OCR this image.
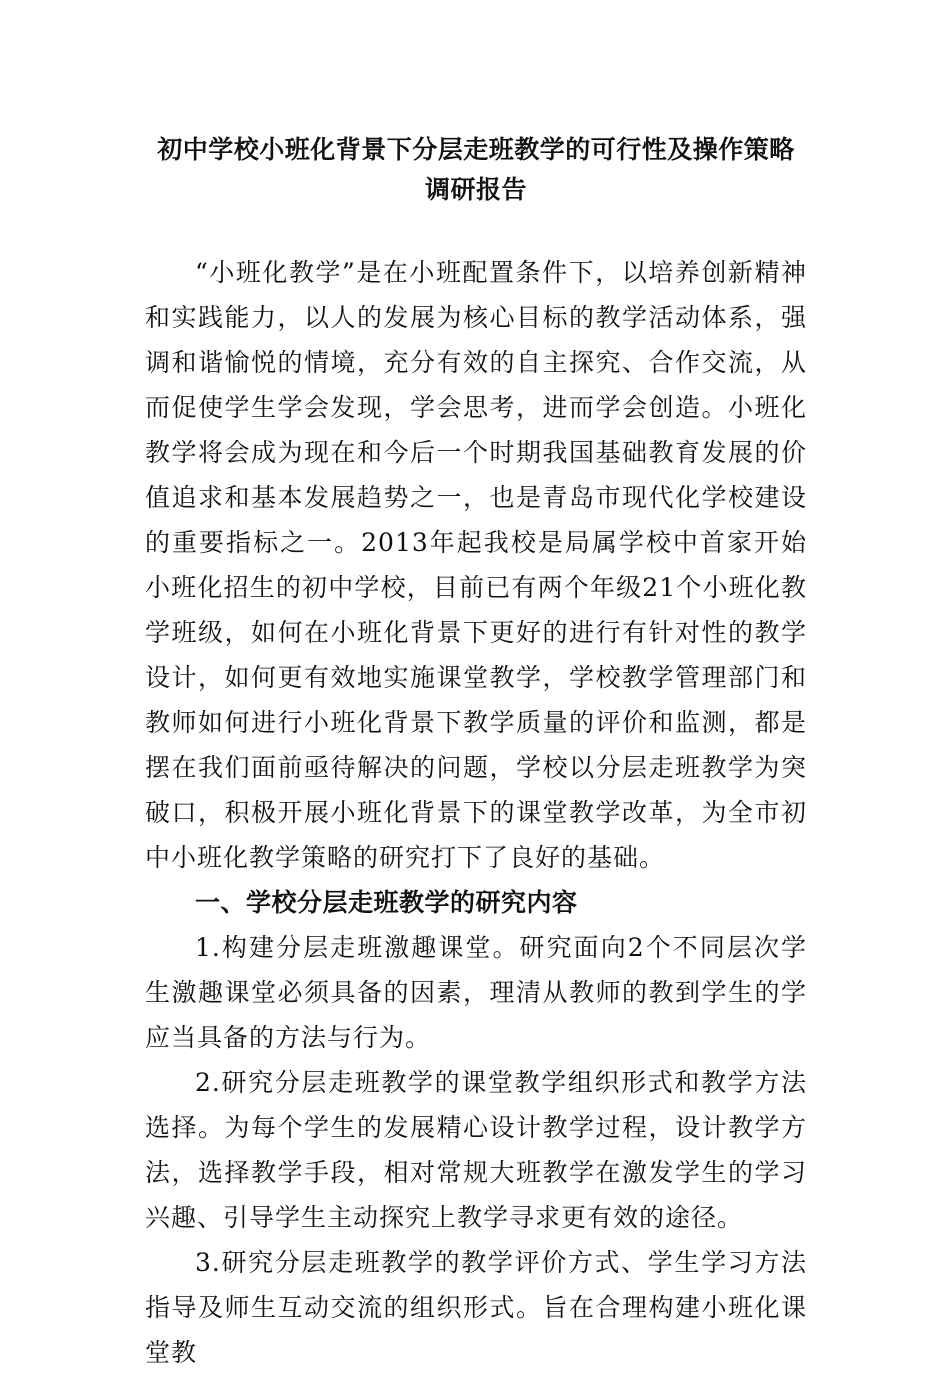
初中学校小班化背景下分层走班教学的可行性及操作策略
调研报告

“小班化教学”是在小班配置条件下，以培养创新精神和实践能力，以人的发展为核心目标的教学活动体系，强调和谐愉悦的情境，充分有效的自主探究、合作交流，从而促使学生学会发现，学会思考，进而学会创造。小班化教学将会成为现在和今后一个时期我国基础教育发展的价值追求和基本发展趋势之一，也是青岛市现代化学校建设的重要指标之一。2013年起我校是局属学校中首家开始小班化招生的初中学校，目前已有两个年级21个小班化教学班级，如何在小班化背景下更好的进行有针对性的教学设计，如何更有效地实施课堂教学，学校教学管理部门和教师如何进行小班化背景下教学质量的评价和监测，都是摆在我们面前亟待解决的问题，学校以分层走班教学为突破口，积极开展小班化背景下的课堂教学改革，为全市初中小班化教学策略的研究打下了良好的基础。

一、学校分层走班教学的研究内容

1.构建分层走班激趣课堂。研究面向2个不同层次学生激趣课堂必须具备的因素，理清从教师的教到学生的学应当具备的方法与行为。

2.研究分层走班教学的课堂教学组织形式和教学方法选择。为每个学生的发展精心设计教学过程，设计教学方法，选择教学手段，相对常规大班教学在激发学生的学习兴趣、引导学生主动探究上教学寻求更有效的途径。

3.研究分层走班教学的教学评价方式、学生学习方法指导及师生互动交流的组织形式。旨在合理构建小班化课堂教
